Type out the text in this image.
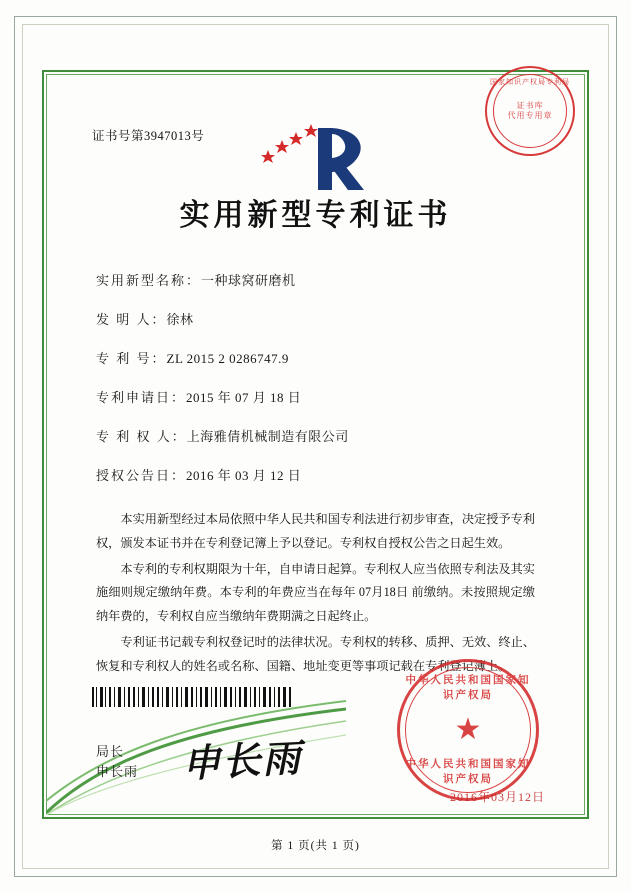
证书号第3947013号
实用新型专利证书
实用新型名称：一种球窝研磨机
发 明 人：徐林
专 利 号：ZL 2015 2 0286747.9
专利申请日：2015 年 07 月 18 日
专 利 权 人：上海雅倩机械制造有限公司
授权公告日：2016 年 03 月 12 日

本实用新型经过本局依照中华人民共和国专利法进行初步审查，决定授予专利权，颁发本证书并在专利登记簿上予以登记。专利权自授权公告之日起生效。

本专利的专利权期限为十年，自申请日起算。专利权人应当依照专利法及其实施细则规定缴纳年费。本专利的年费应当在每年 07月18日 前缴纳。未按照规定缴纳年费的，专利权自应当缴纳年费期满之日起终止。

专利证书记载专利权登记时的法律状况。专利权的转移、质押、无效、终止、恢复和专利权人的姓名或名称、国籍、地址变更等事项记载在专利登记簿上。

局长
申长雨 申长雨
国家知识产权局专利局
证书库
代用专用章
中华人民共和国国家知识产权局
★
中华人民共和国国家知识产权局
2016年03月12日
第 1 页(共 1 页)
